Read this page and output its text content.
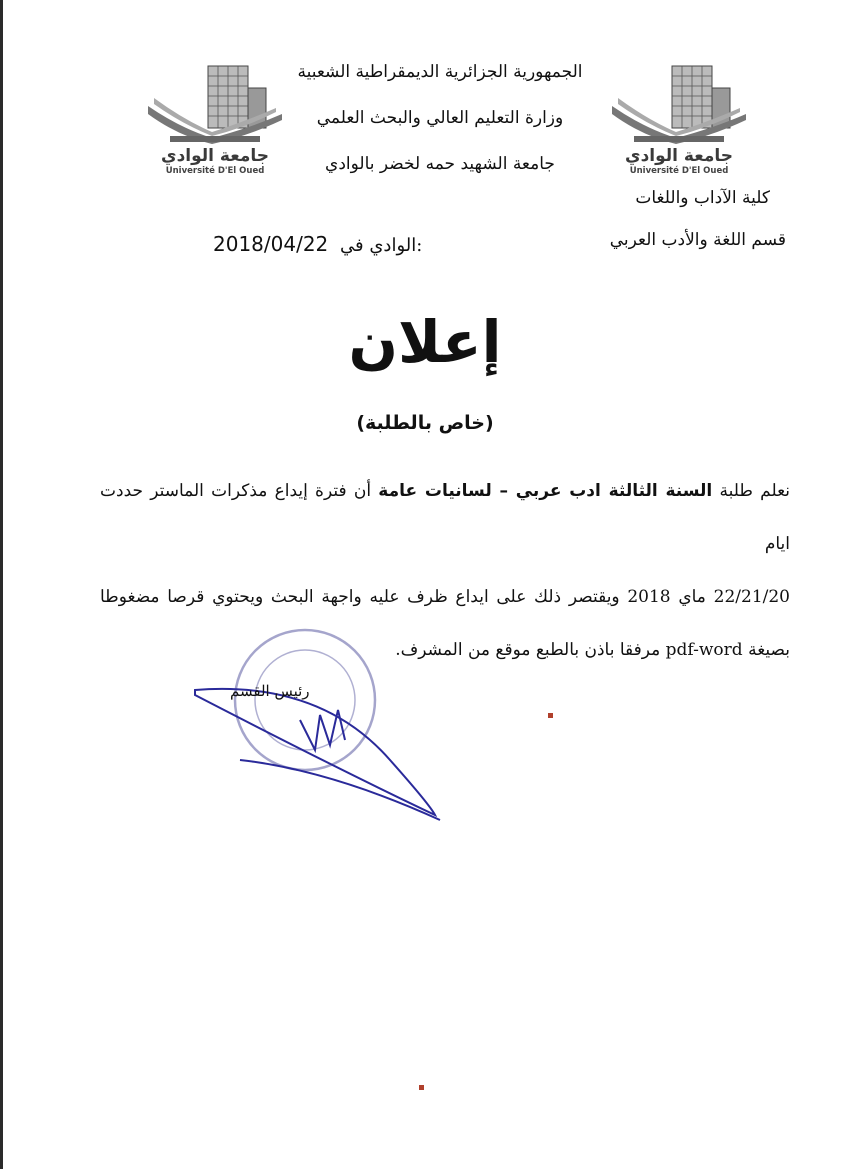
جامعة الوادي
Université D'El Oued
جامعة الوادي
Université D'El Oued
الجمهورية الجزائرية الديمقراطية الشعبية
وزارة التعليم العالي والبحث العلمي
جامعة الشهيد حمه لخضر بالوادي
كلية الآداب واللغات
قسم اللغة والأدب العربي
2018/04/22 الوادي في:
إعلان
(خاص بالطلبة)
نعلم طلبة السنة الثالثة ادب عربي – لسانيات عامة أن فترة إيداع مذكرات الماستر حددت ايام
22/21/20 ماي 2018 ويقتصر ذلك على ايداع ظرف عليه واجهة البحث ويحتوي قرصا مضغوطا
بصيغة pdf-word مرفقا باذن بالطبع موقع من المشرف.
رئيس القسم
